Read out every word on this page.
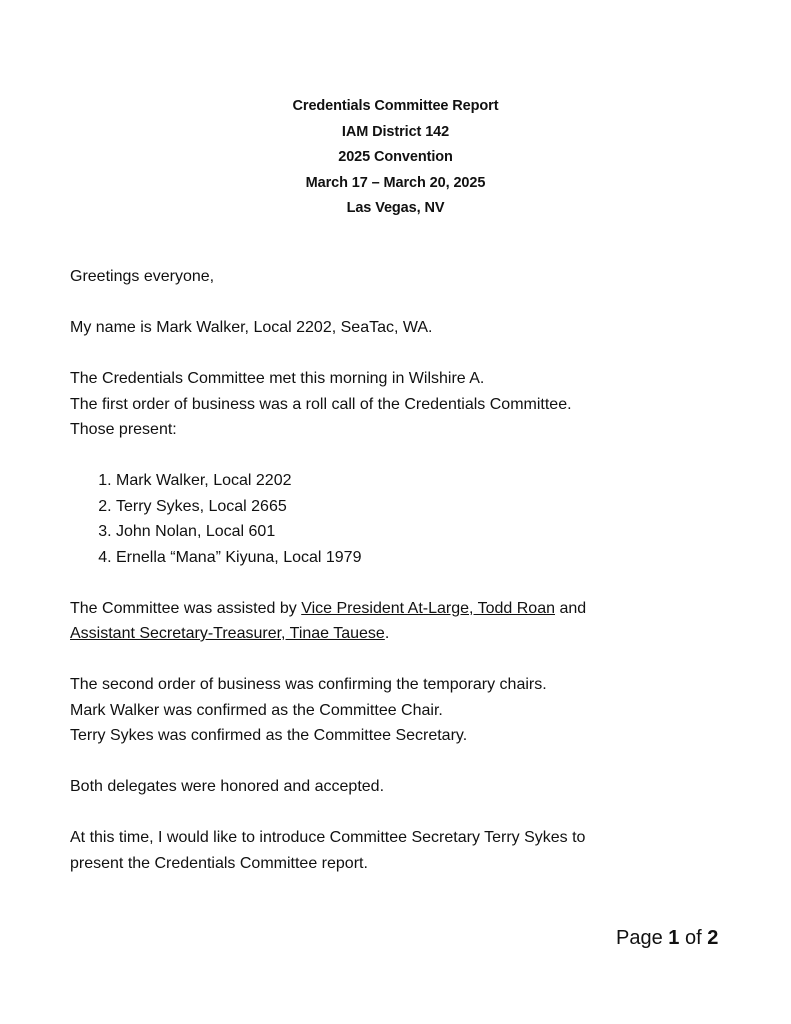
Credentials Committee Report
IAM District 142
2025 Convention
March 17 – March 20, 2025
Las Vegas, NV

Greetings everyone,

My name is Mark Walker, Local 2202, SeaTac, WA.

The Credentials Committee met this morning in Wilshire A.

The first order of business was a roll call of the Credentials Committee.

Those present:

1. Mark Walker, Local 2202
2. Terry Sykes, Local 2665
3. John Nolan, Local 601
4. Ernella “Mana” Kiyuna, Local 1979

The Committee was assisted by Vice President At-Large, Todd Roan and
Assistant Secretary-Treasurer, Tinae Tauese.

The second order of business was confirming the temporary chairs.

Mark Walker was confirmed as the Committee Chair.

Terry Sykes was confirmed as the Committee Secretary.

Both delegates were honored and accepted.

At this time, I would like to introduce Committee Secretary Terry Sykes to

present the Credentials Committee report.

Page 1 of 2
